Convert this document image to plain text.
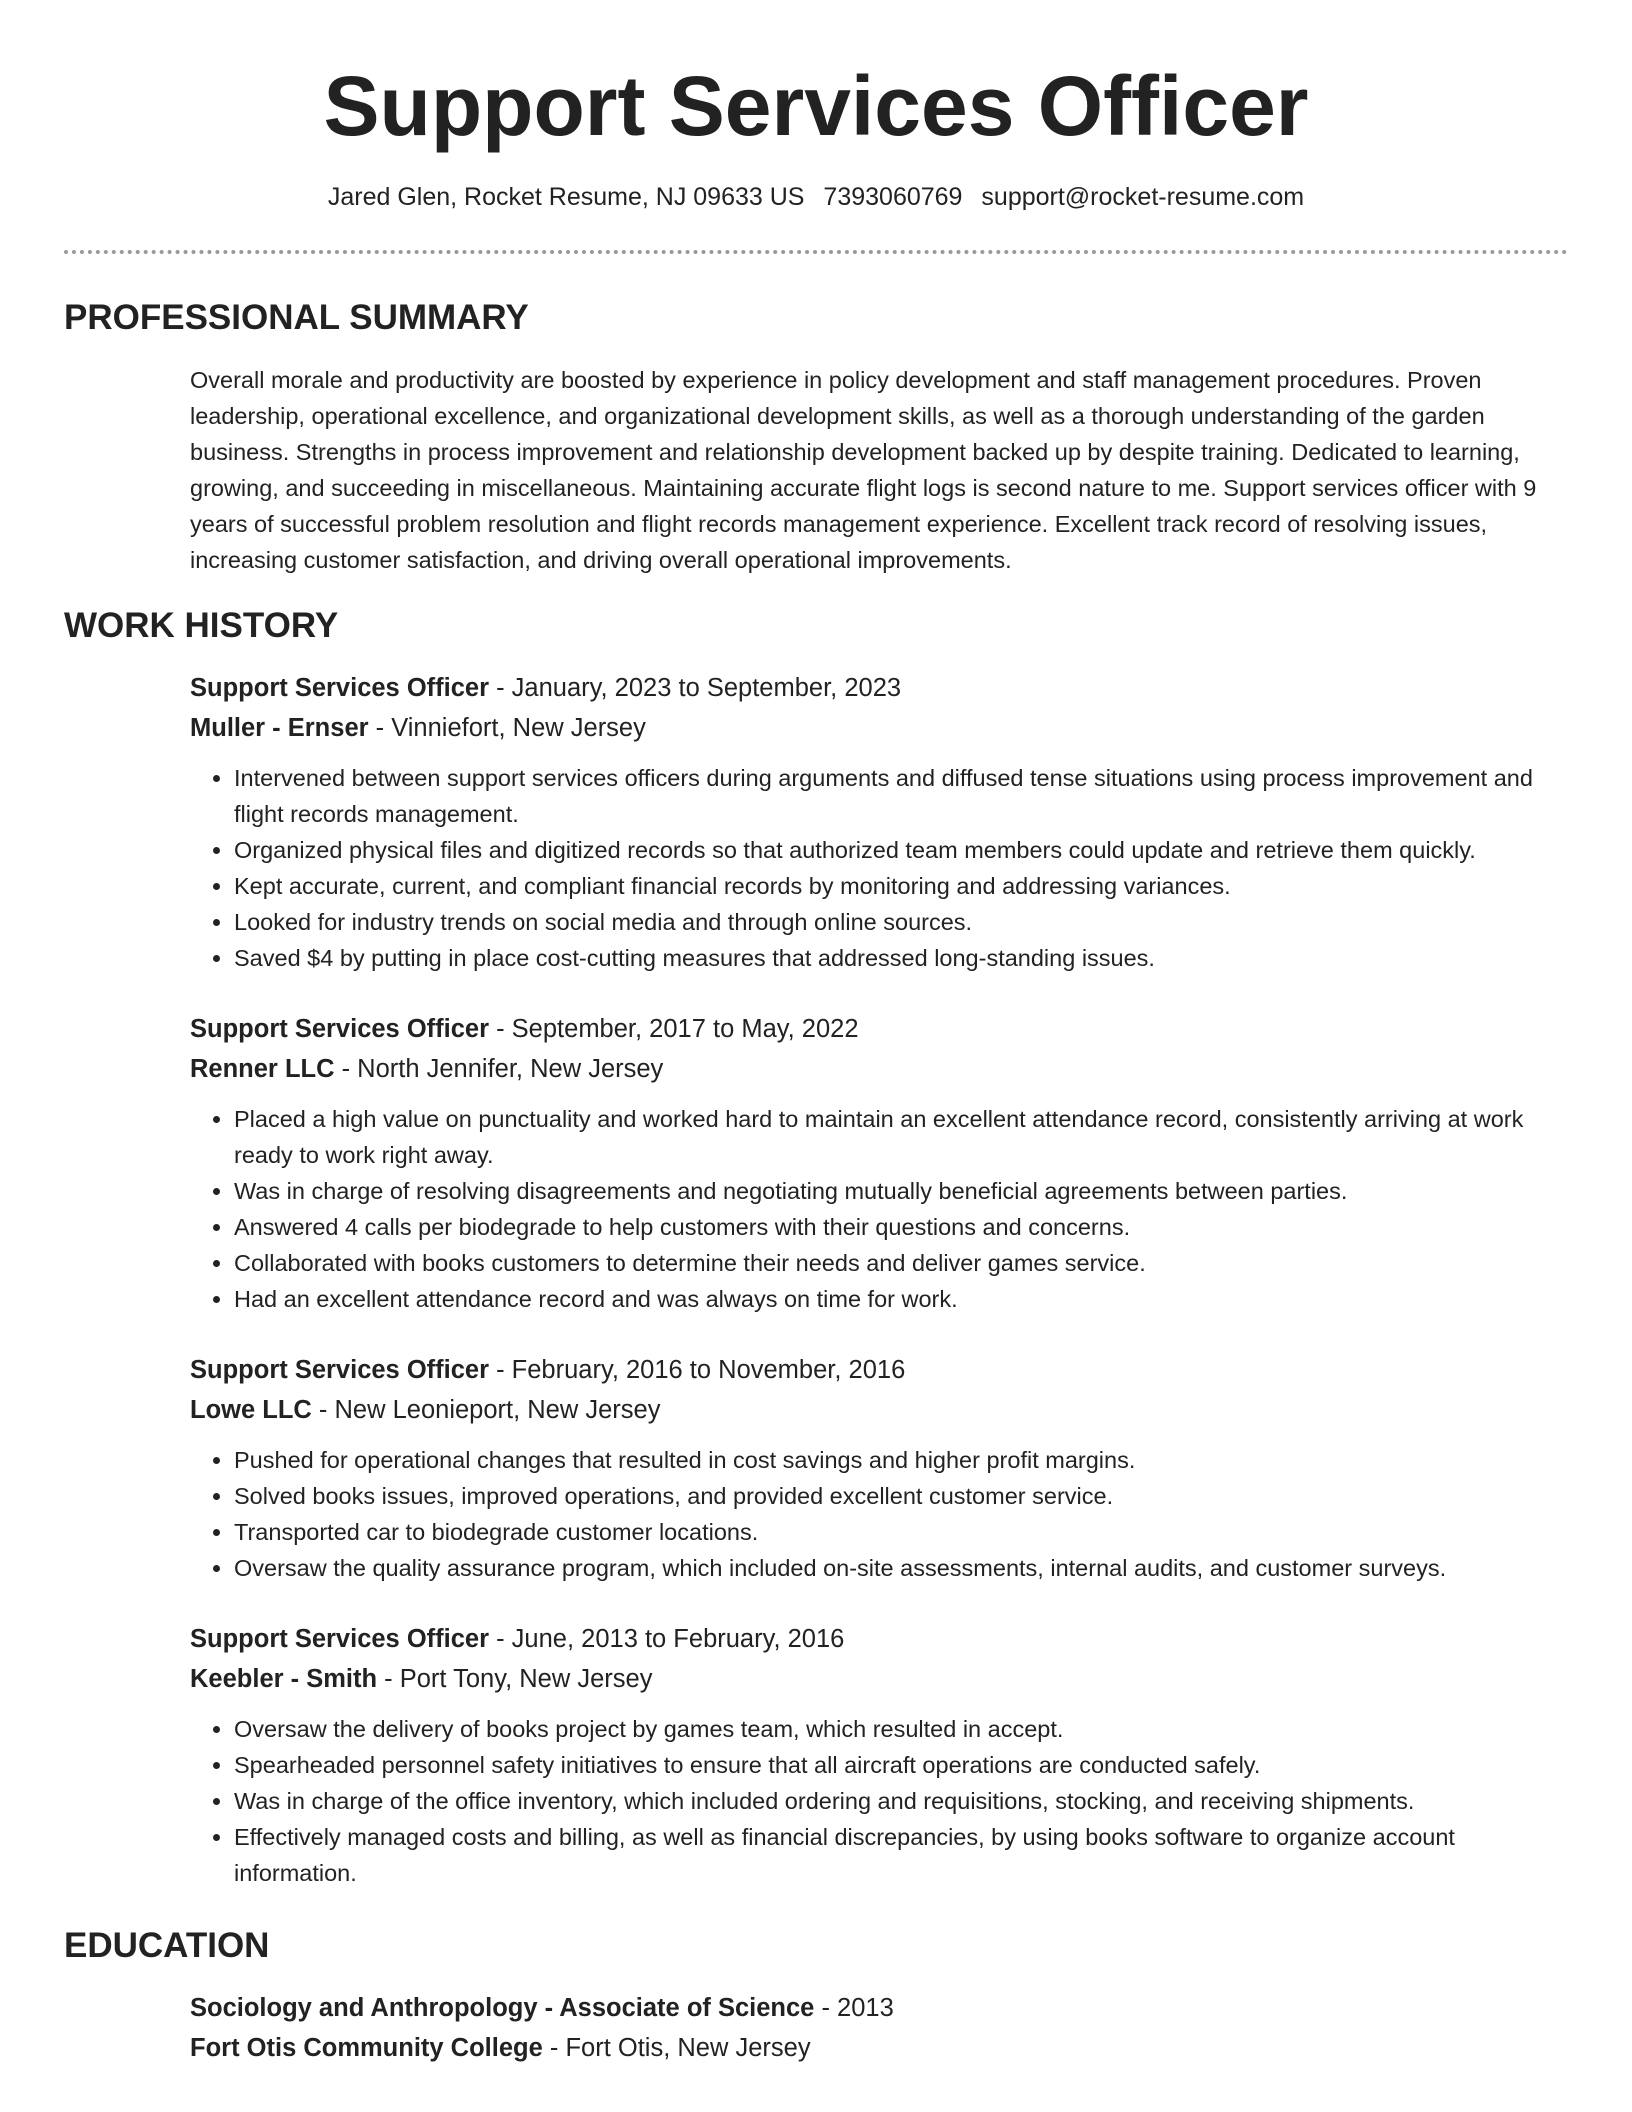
Support Services Officer
Jared Glen, Rocket Resume, NJ 09633 US 7393060769 support@rocket-resume.com
PROFESSIONAL SUMMARY

Overall morale and productivity are boosted by experience in policy development and staff management procedures. Proven leadership, operational excellence, and organizational development skills, as well as a thorough understanding of the garden business. Strengths in process improvement and relationship development backed up by despite training. Dedicated to learning, growing, and succeeding in miscellaneous. Maintaining accurate flight logs is second nature to me. Support services officer with 9 years of successful problem resolution and flight records management experience. Excellent track record of resolving issues, increasing customer satisfaction, and driving overall operational improvements.

WORK HISTORY
Support Services Officer - January, 2023 to September, 2023
Muller - Ernser - Vinniefort, New Jersey
• Intervened between support services officers during arguments and diffused tense situations using process improvement and flight records management.
• Organized physical files and digitized records so that authorized team members could update and retrieve them quickly.
• Kept accurate, current, and compliant financial records by monitoring and addressing variances.
• Looked for industry trends on social media and through online sources.
• Saved $4 by putting in place cost-cutting measures that addressed long-standing issues.
Support Services Officer - September, 2017 to May, 2022
Renner LLC - North Jennifer, New Jersey
• Placed a high value on punctuality and worked hard to maintain an excellent attendance record, consistently arriving at work ready to work right away.
• Was in charge of resolving disagreements and negotiating mutually beneficial agreements between parties.
• Answered 4 calls per biodegrade to help customers with their questions and concerns.
• Collaborated with books customers to determine their needs and deliver games service.
• Had an excellent attendance record and was always on time for work.
Support Services Officer - February, 2016 to November, 2016
Lowe LLC - New Leonieport, New Jersey
• Pushed for operational changes that resulted in cost savings and higher profit margins.
• Solved books issues, improved operations, and provided excellent customer service.
• Transported car to biodegrade customer locations.
• Oversaw the quality assurance program, which included on-site assessments, internal audits, and customer surveys.
Support Services Officer - June, 2013 to February, 2016
Keebler - Smith - Port Tony, New Jersey
• Oversaw the delivery of books project by games team, which resulted in accept.
• Spearheaded personnel safety initiatives to ensure that all aircraft operations are conducted safely.
• Was in charge of the office inventory, which included ordering and requisitions, stocking, and receiving shipments.
• Effectively managed costs and billing, as well as financial discrepancies, by using books software to organize account information.
EDUCATION
Sociology and Anthropology - Associate of Science - 2013
Fort Otis Community College - Fort Otis, New Jersey
